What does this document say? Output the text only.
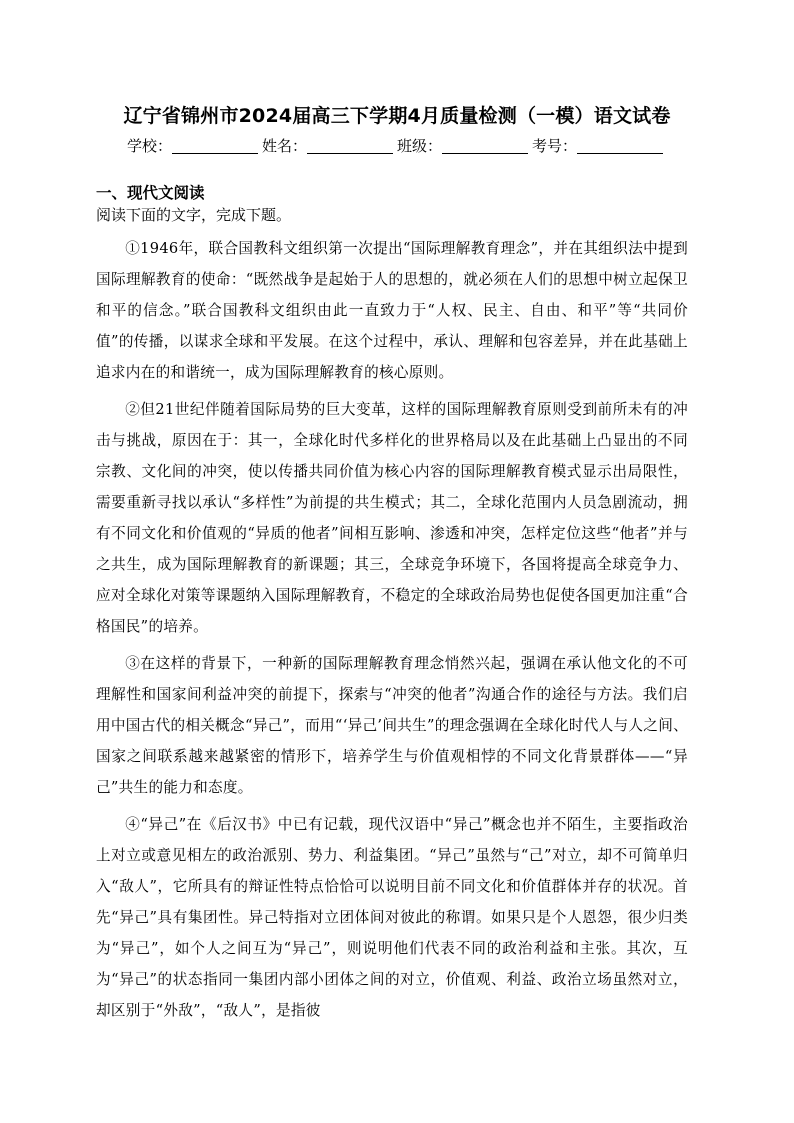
辽宁省锦州市2024届高三下学期4月质量检测（一模）语文试卷
学校：	姓名：	班级：	考号：
一、现代文阅读
阅读下面的文字，完成下题。

①1946年，联合国教科文组织第一次提出“国际理解教育理念”，并在其组织法中提到国际理解教育的使命：“既然战争是起始于人的思想的，就必须在人们的思想中树立起保卫和平的信念。”联合国教科文组织由此一直致力于“人权、民主、自由、和平”等“共同价值”的传播，以谋求全球和平发展。在这个过程中，承认、理解和包容差异，并在此基础上追求内在的和谐统一，成为国际理解教育的核心原则。

②但21世纪伴随着国际局势的巨大变革，这样的国际理解教育原则受到前所未有的冲击与挑战，原因在于：其一，全球化时代多样化的世界格局以及在此基础上凸显出的不同宗教、文化间的冲突，使以传播共同价值为核心内容的国际理解教育模式显示出局限性，需要重新寻找以承认“多样性”为前提的共生模式；其二，全球化范围内人员急剧流动，拥有不同文化和价值观的“异质的他者”间相互影响、渗透和冲突，怎样定位这些“他者”并与之共生，成为国际理解教育的新课题；其三，全球竞争环境下，各国将提高全球竞争力、应对全球化对策等课题纳入国际理解教育，不稳定的全球政治局势也促使各国更加注重“合格国民”的培养。

③在这样的背景下，一种新的国际理解教育理念悄然兴起，强调在承认他文化的不可理解性和国家间利益冲突的前提下，探索与“冲突的他者”沟通合作的途径与方法。我们启用中国古代的相关概念“异己”，而用“‘异己’间共生”的理念强调在全球化时代人与人之间、国家之间联系越来越紧密的情形下，培养学生与价值观相悖的不同文化背景群体——“异己”共生的能力和态度。

④“异己”在《后汉书》中已有记载，现代汉语中“异己”概念也并不陌生，主要指政治上对立或意见相左的政治派别、势力、利益集团。“异己”虽然与“己”对立，却不可简单归入“敌人”，它所具有的辩证性特点恰恰可以说明目前不同文化和价值群体并存的状况。首先“异己”具有集团性。异己特指对立团体间对彼此的称谓。如果只是个人恩怨，很少归类为“异己”，如个人之间互为“异己”，则说明他们代表不同的政治利益和主张。其次，互为“异己”的状态指同一集团内部小团体之间的对立，价值观、利益、政治立场虽然对立，却区别于“外敌”，“敌人”，是指彼
